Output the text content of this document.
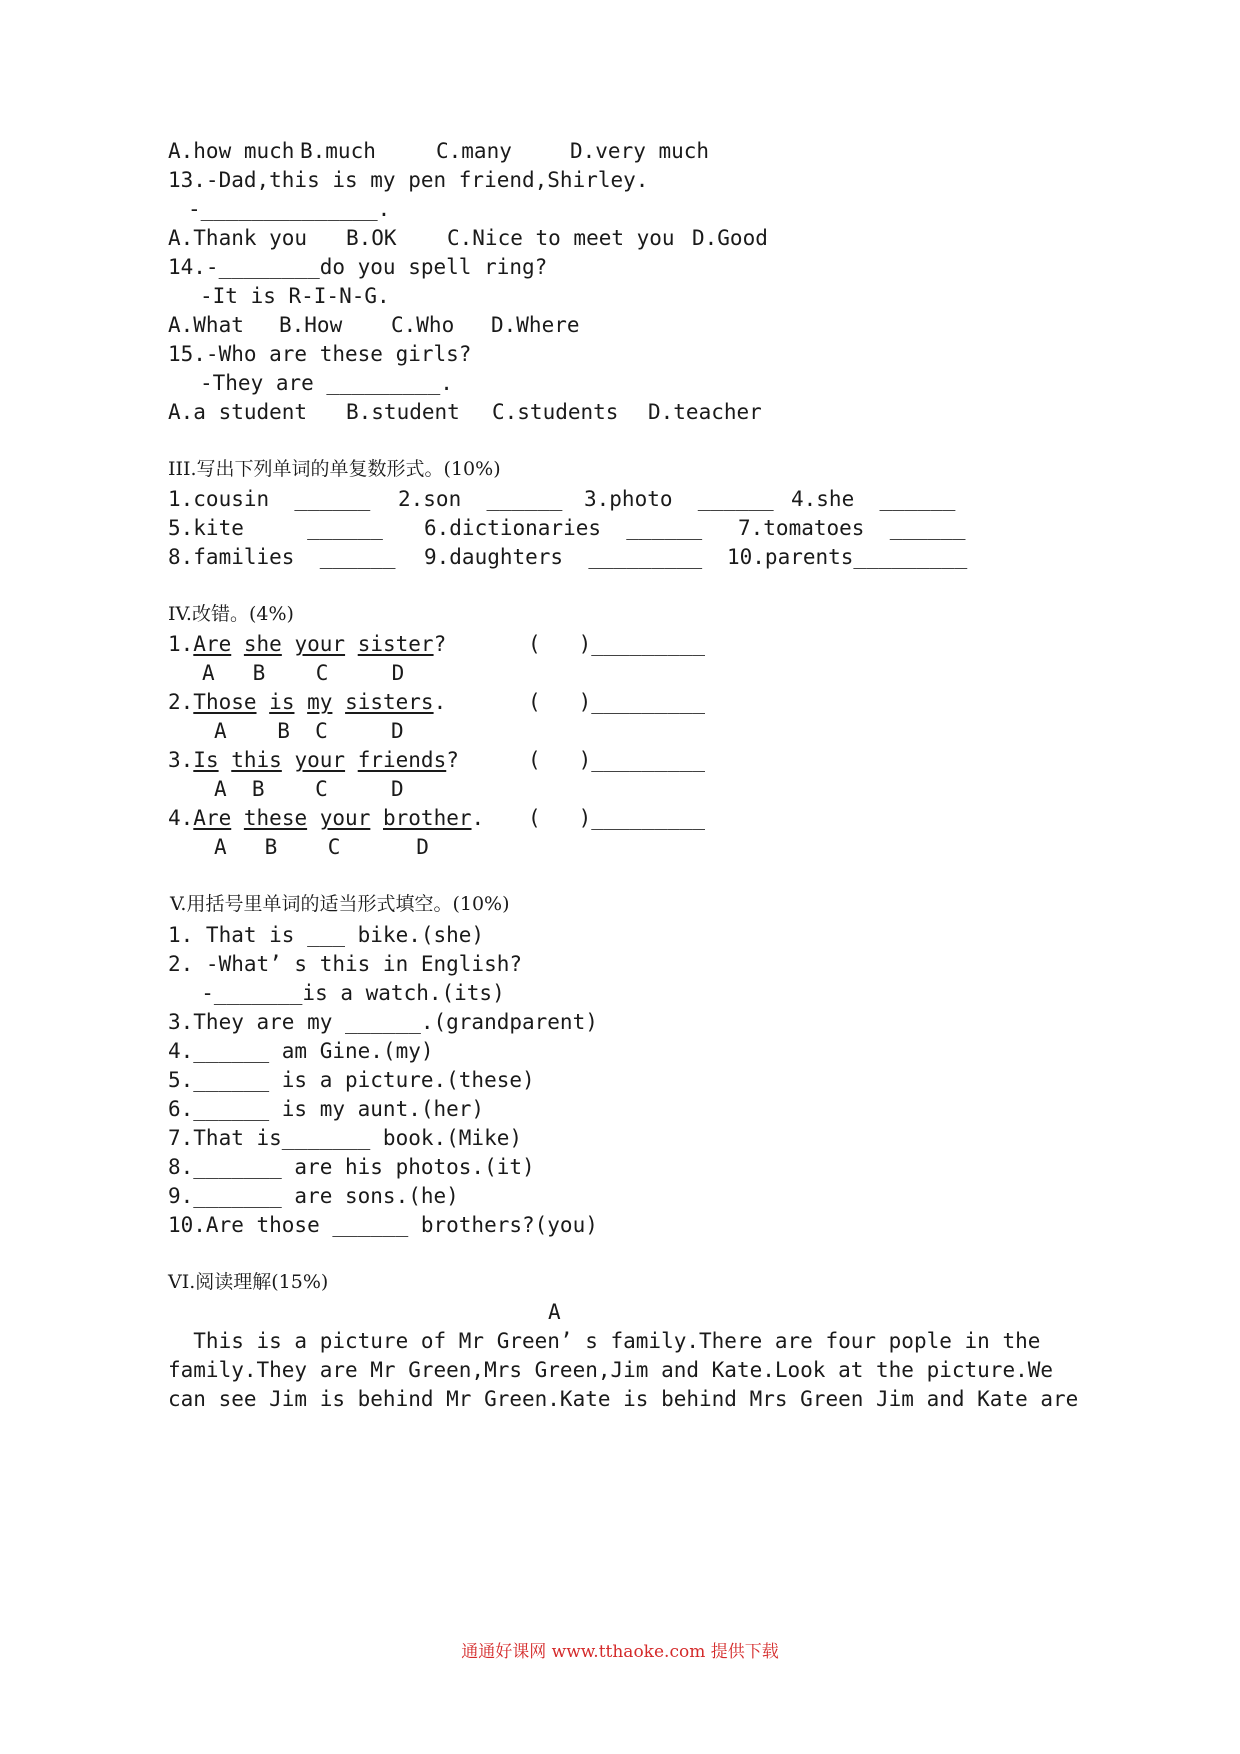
A.how much B.much	C.many	D.very much
13.-Dad,this is my pen friend,Shirley.
-______________.
A.Thank you B.OK C.Nice to meet you D.Good
14.-________do you spell ring?
-It is R-I-N-G.
A.What B.How C.Who D.Where
15.-Who are these girls?
-They are _________.
A.a student B.student C.students D.teacher
III.写出下列单词的单复数形式。(10%)
1.cousin  ______ 2.son  ______ 3.photo  ______ 4.she  ______
5.kite     ______ 6.dictionaries  ______ 7.tomatoes  ______
8.families  ______ 9.daughters  _________ 10.parents_________
IV.改错。(4%)
1.Are she your sister?	(   )_________
A   B    C     D
2.Those is my sisters.	(   )_________
A    B  C     D
3.Is this your friends?	(   )_________
A  B    C     D
4.Are these your brother. (   )_________
A   B    C      D
V.用括号里单词的适当形式填空。(10%)
1. That is ___ bike.(she)
2. -What’ s this in English?
-_______is a watch.(its)
3.They are my ______.(grandparent)
4.______ am Gine.(my)
5.______ is a picture.(these)
6.______ is my aunt.(her)
7.That is_______ book.(Mike)
8._______ are his photos.(it)
9._______ are sons.(he)
10.Are those ______ brothers?(you)
VI.阅读理解(15%)
A
This is a picture of Mr Green’ s family.There are four pople in the
family.They are Mr Green,Mrs Green,Jim and Kate.Look at the picture.We
can see Jim is behind Mr Green.Kate is behind Mrs Green Jim and Kate are
通通好课网 www.tthaoke.com 提供下载
